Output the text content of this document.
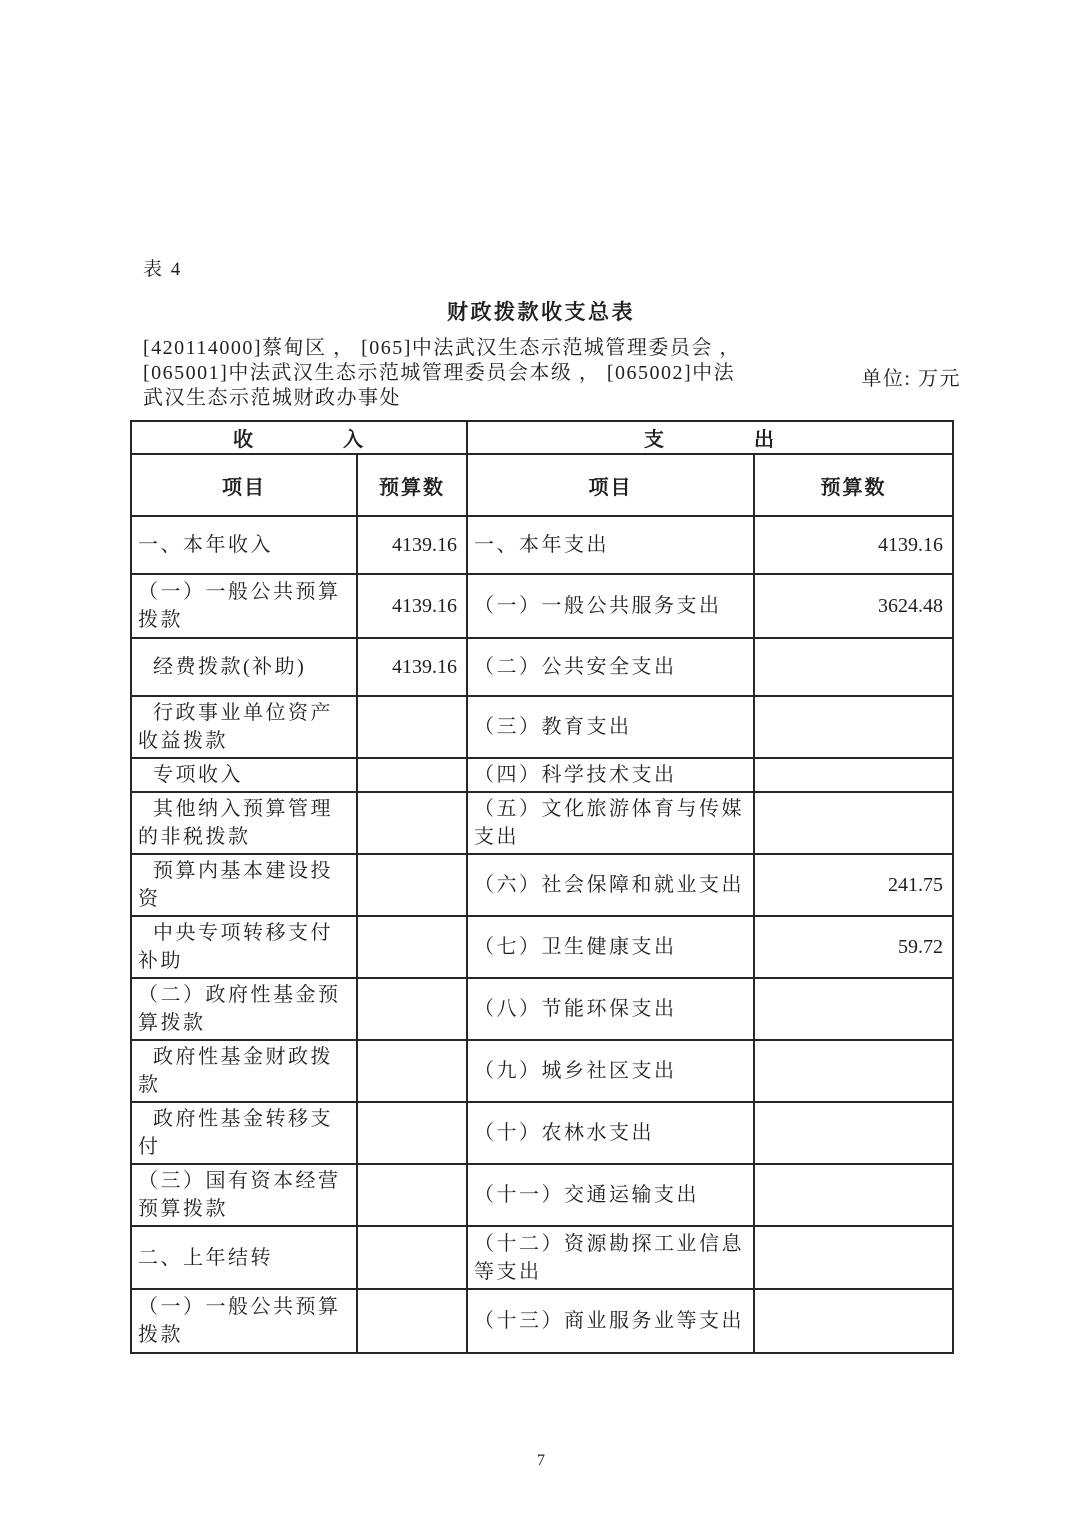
表 4
财政拨款收支总表
[420114000]蔡甸区 ， [065]中法武汉生态示范城管理委员会 ，
[065001]中法武汉生态示范城管理委员会本级 ， [065002]中法
武汉生态示范城财政办事处
单位: 万元
收　　　　入		支　　　　出	
项目	预算数	项目	预算数
一、本年收入	4139.16	一、本年支出	4139.16
（一）一般公共预算拨款	4139.16	（一）一般公共服务支出	3624.48
经费拨款(补助)	4139.16	（二）公共安全支出	
行政事业单位资产收益拨款		（三）教育支出	
专项收入		（四）科学技术支出	
其他纳入预算管理的非税拨款		（五）文化旅游体育与传媒支出	
预算内基本建设投资		（六）社会保障和就业支出	241.75
中央专项转移支付补助		（七）卫生健康支出	59.72
（二）政府性基金预算拨款		（八）节能环保支出	
政府性基金财政拨款		（九）城乡社区支出	
政府性基金转移支付		（十）农林水支出	
（三）国有资本经营预算拨款		（十一）交通运输支出	
二、上年结转		（十二）资源勘探工业信息等支出	
（一）一般公共预算拨款		（十三）商业服务业等支出	
7
